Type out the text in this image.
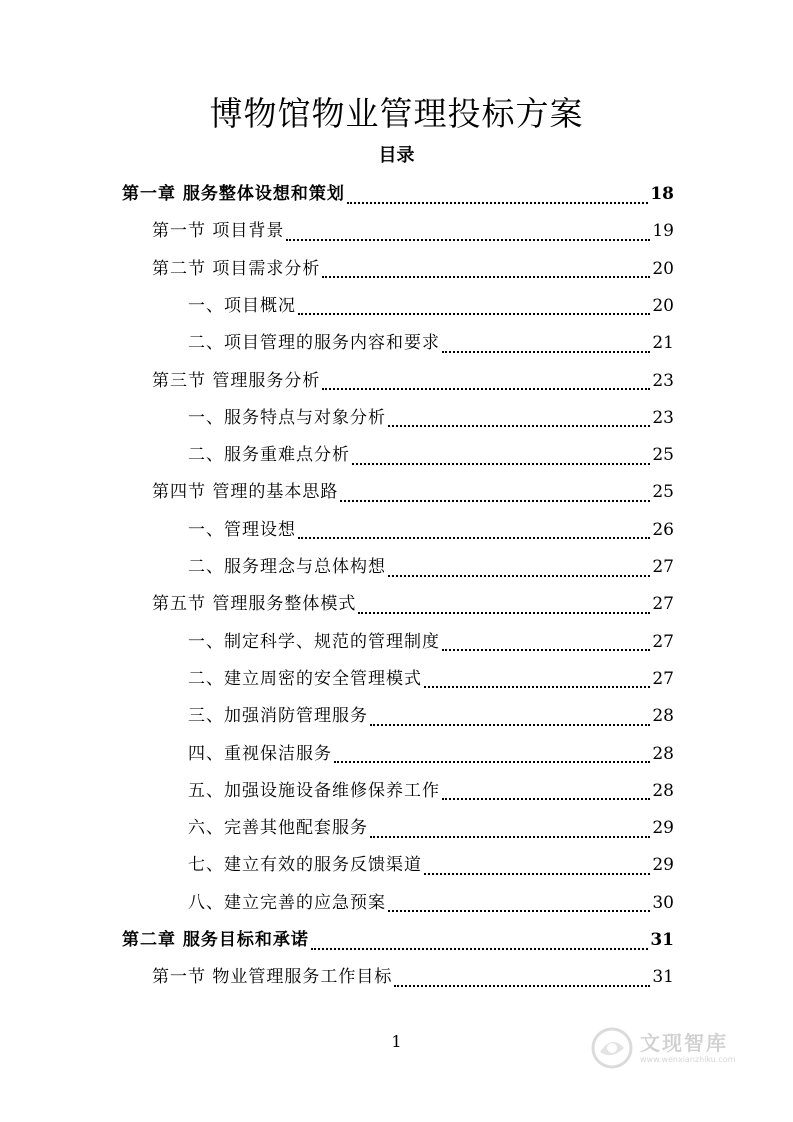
博物馆物业管理投标方案
目录
第一章 服务整体设想和策划	18
第一节 项目背景	19
第二节 项目需求分析	20
一、项目概况	20
二、项目管理的服务内容和要求	21
第三节 管理服务分析	23
一、服务特点与对象分析	23
二、服务重难点分析	25
第四节 管理的基本思路	25
一、管理设想	26
二、服务理念与总体构想	27
第五节 管理服务整体模式	27
一、制定科学、规范的管理制度	27
二、建立周密的安全管理模式	27
三、加强消防管理服务	28
四、重视保洁服务	28
五、加强设施设备维修保养工作	28
六、完善其他配套服务	29
七、建立有效的服务反馈渠道	29
八、建立完善的应急预案	30
第二章 服务目标和承诺	31
第一节 物业管理服务工作目标	31
1	文现智库
www.wenxianzhiku.com
